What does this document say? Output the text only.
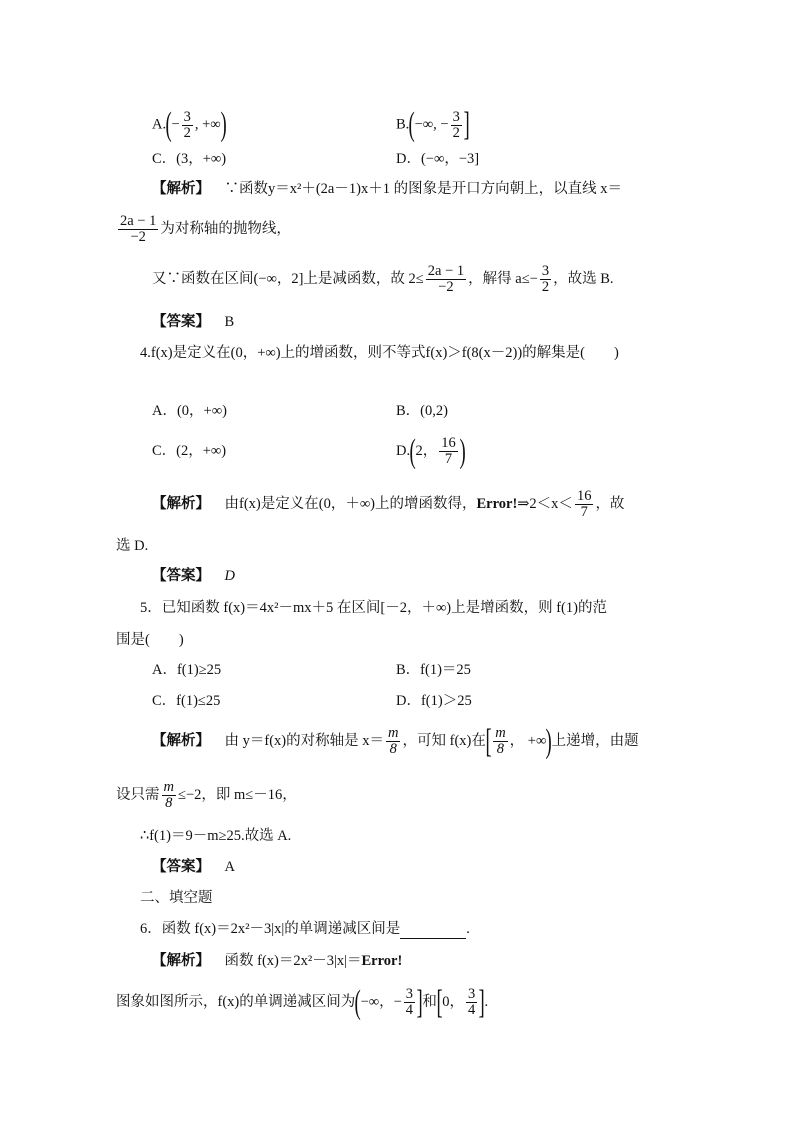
$A.(- \frac{3}{2}$ , +∞)	B.(−∞, − $\frac{3}{2}$ ]
C．(3，+∞)	D．(−∞，−3]
【解析】 ∵函数y＝x²＋(2a－1)x＋1 的图象是开口方向朝上，以直线 x＝
$\frac{2a - 1}{-2}$ 为对称轴的抛物线，
又∵函数在区间(−∞，2]上是减函数，故 $2\le \frac{2a - 1}{-2}$ ，解得 $a\le- \frac{3}{2}$ ，故选 B.
【答案】 B
4.f(x)是定义在(0，+∞)上的增函数，则不等式f(x)＞f(8(x－2))的解集是(　　)
A．(0，+∞)	B．(0,2)
C．(2，+∞)	D.(2， $\frac{16}{7}$ )
【解析】 由f(x)是定义在(0，＋∞)上的增函数得，Error!⇒2＜x＜ $\frac{16}{7}$ ，故
选 D.
【答案】 D
5．已知函数 f(x)＝4x²－mx＋5 在区间[－2，＋∞)上是增函数，则 f(1)的范
围是(　　)
A．f(1)≥25	B．f(1)＝25
C．f(1)≤25	D．f(1)＞25
【解析】 由 y＝f(x)的对称轴是 $x= \frac{m}{8}$ ，可知 f(x)在[ $\frac{m}{8}$ ， +∞)上递增，由题
设只需 $\frac{m}{8} \le-2$，即 m≤－16，
∴f(1)＝9－m≥25.故选 A.
【答案】 A
二、填空题
6．函数 f(x)＝2x²－3|x|的单调递减区间是	.
【解析】 函数 f(x)＝2x²－3|x|＝Error!
图象如图所示，f(x)的单调递减区间为(−∞，− $\frac{3}{4}$ ]和[0， $\frac{3}{4}$ ].
